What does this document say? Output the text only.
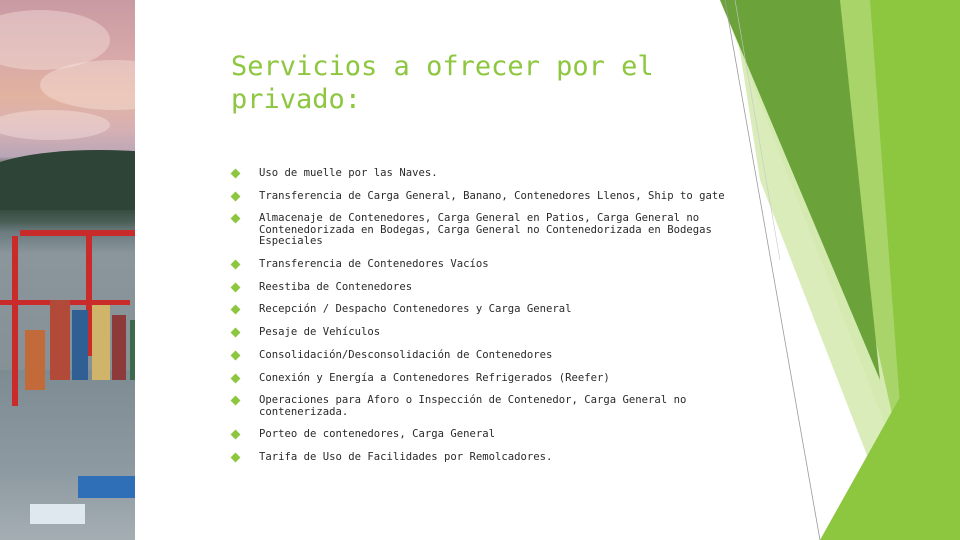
Servicios a ofrecer por el privado:
Uso de muelle por las Naves.
Transferencia de Carga General, Banano, Contenedores Llenos, Ship to gate
Almacenaje de Contenedores, Carga General en Patios, Carga General no Contenedorizada en Bodegas, Carga General no Contenedorizada en Bodegas Especiales
Transferencia de Contenedores Vacíos
Reestiba de Contenedores
Recepción / Despacho Contenedores y Carga General
Pesaje de Vehículos
Consolidación/Desconsolidación de Contenedores
Conexión y Energía a Contenedores Refrigerados (Reefer)
Operaciones para Aforo o Inspección de Contenedor, Carga General no contenerizada.
Porteo de contenedores, Carga General
Tarifa de Uso de Facilidades por Remolcadores.
